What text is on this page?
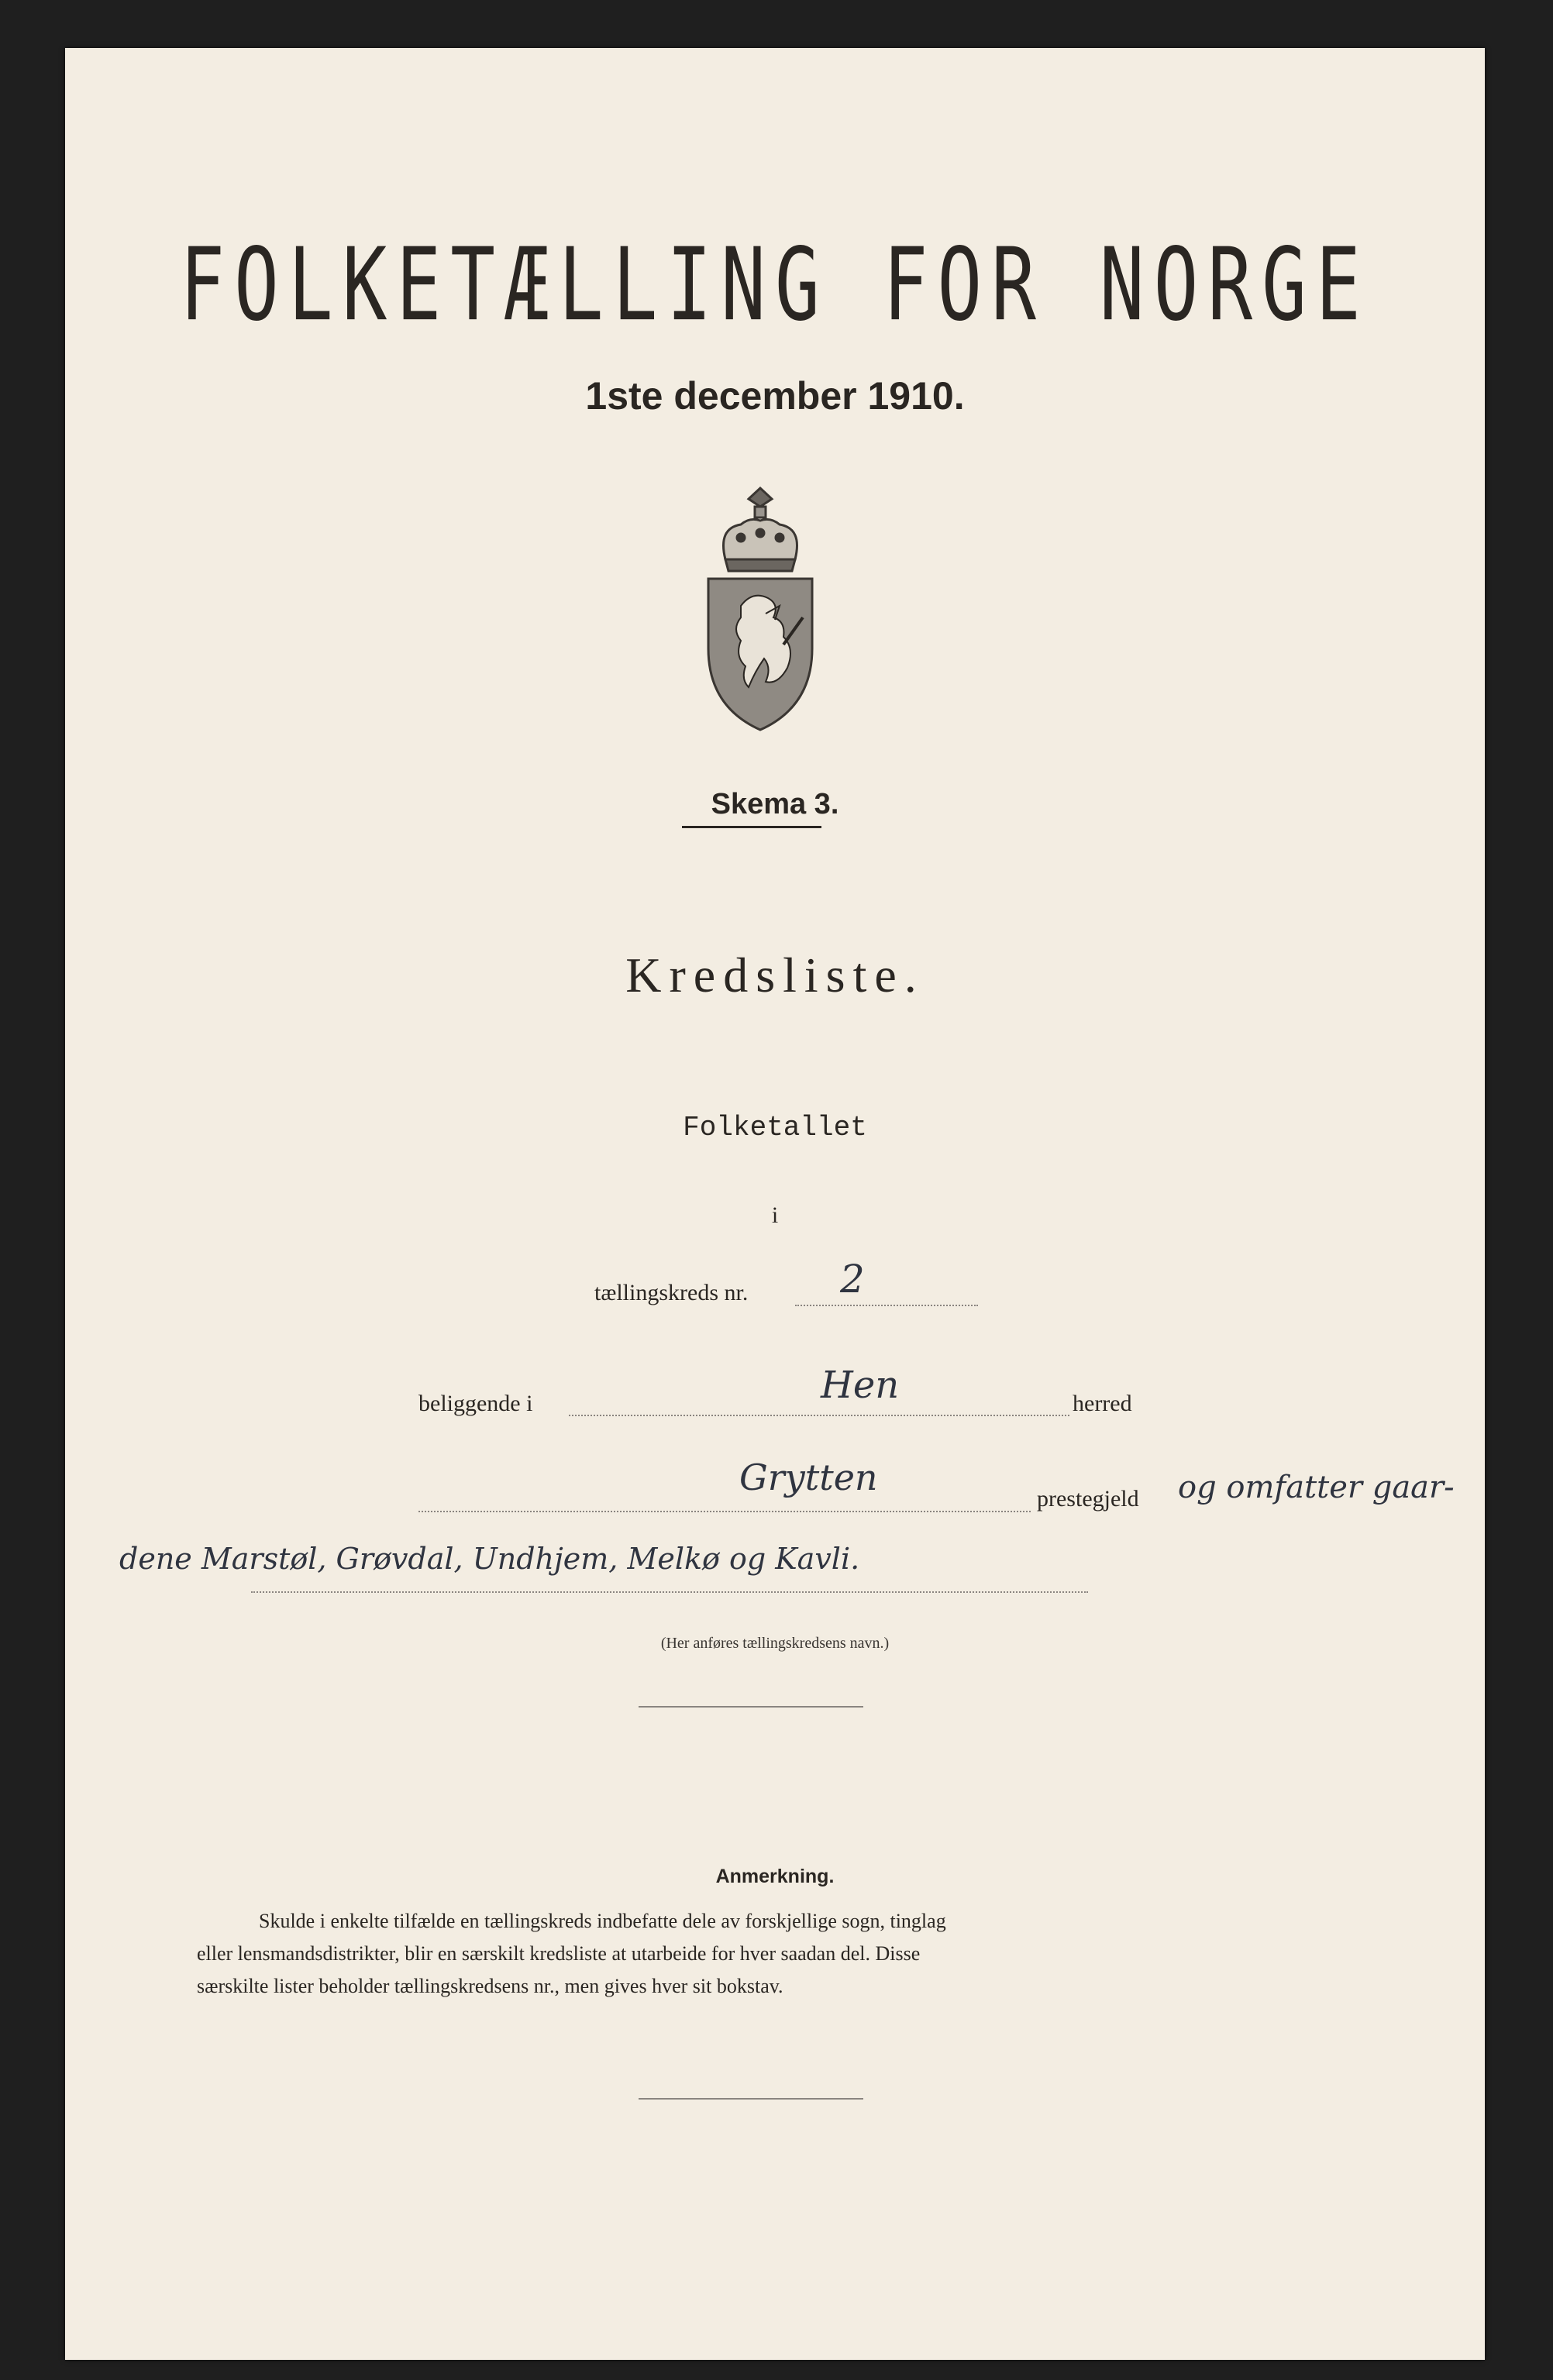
FOLKETÆLLING FOR NORGE
1ste december 1910.
Skema 3.
Kredsliste.
Folketallet
i
tællingskreds nr. 2
beliggende i	Hen	herred
Grytten
prestegjeld og omfatter gaar-
dene Marstøl, Grøvdal, Undhjem, Melkø og Kavli.
(Her anføres tællingskredsens navn.)
Anmerkning.
Skulde i enkelte tilfælde en tællingskreds indbefatte dele av forskjellige sogn, tinglag
eller lensmandsdistrikter, blir en særskilt kredsliste at utarbeide for hver saadan del. Disse
særskilte lister beholder tællingskredsens nr., men gives hver sit bokstav.
